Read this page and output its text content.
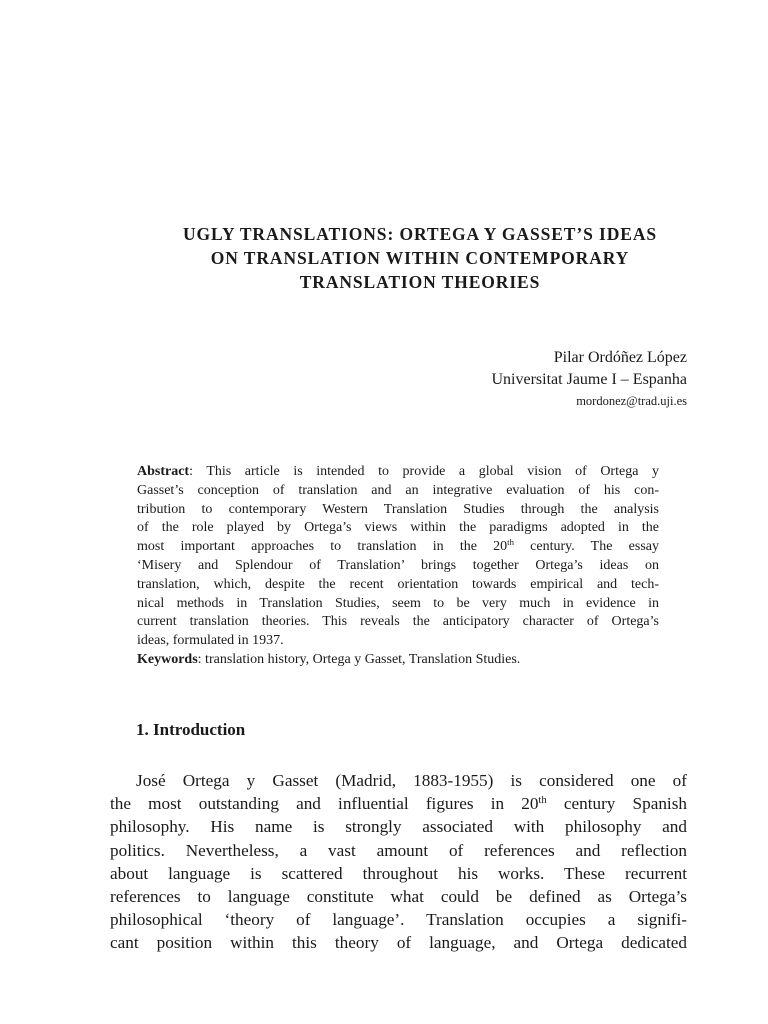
UGLY TRANSLATIONS: ORTEGA Y GASSET’S IDEAS
ON TRANSLATION WITHIN CONTEMPORARY
TRANSLATION THEORIES
Pilar Ordóñez López
Universitat Jaume I – Espanha
mordonez@trad.uji.es
Abstract: This article is intended to provide a global vision of Ortega y
Gasset’s conception of translation and an integrative evaluation of his con-
tribution to contemporary Western Translation Studies through the analysis
of the role played by Ortega’s views within the paradigms adopted in the
most important approaches to translation in the 20th century. The essay
‘Misery and Splendour of Translation’ brings together Ortega’s ideas on
translation, which, despite the recent orientation towards empirical and tech-
nical methods in Translation Studies, seem to be very much in evidence in
current translation theories. This reveals the anticipatory character of Ortega’s
ideas, formulated in 1937.
Keywords: translation history, Ortega y Gasset, Translation Studies.
1. Introduction
José Ortega y Gasset (Madrid, 1883-1955) is considered one of
the most outstanding and influential figures in 20th century Spanish
philosophy. His name is strongly associated with philosophy and
politics. Nevertheless, a vast amount of references and reflection
about language is scattered throughout his works. These recurrent
references to language constitute what could be defined as Ortega’s
philosophical ‘theory of language’. Translation occupies a signifi-
cant position within this theory of language, and Ortega dedicated
